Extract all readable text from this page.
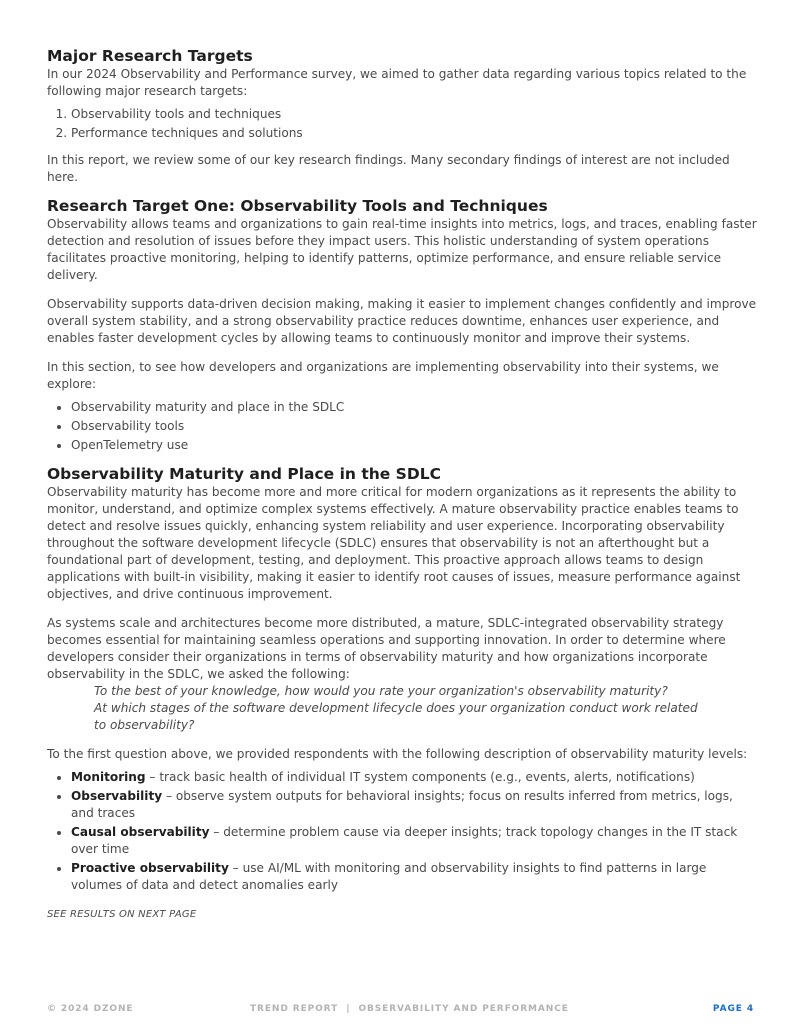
Major Research Targets

In our 2024 Observability and Performance survey, we aimed to gather data regarding various topics related to the following major research targets:

1. Observability tools and techniques
2. Performance techniques and solutions

In this report, we review some of our key research findings. Many secondary findings of interest are not included here.

Research Target One: Observability Tools and Techniques

Observability allows teams and organizations to gain real-time insights into metrics, logs, and traces, enabling faster detection and resolution of issues before they impact users. This holistic understanding of system operations facilitates proactive monitoring, helping to identify patterns, optimize performance, and ensure reliable service delivery.

Observability supports data-driven decision making, making it easier to implement changes confidently and improve overall system stability, and a strong observability practice reduces downtime, enhances user experience, and enables faster development cycles by allowing teams to continuously monitor and improve their systems.

In this section, to see how developers and organizations are implementing observability into their systems, we explore:

• Observability maturity and place in the SDLC
• Observability tools
• OpenTelemetry use
Observability Maturity and Place in the SDLC

Observability maturity has become more and more critical for modern organizations as it represents the ability to monitor, understand, and optimize complex systems effectively. A mature observability practice enables teams to detect and resolve issues quickly, enhancing system reliability and user experience. Incorporating observability throughout the software development lifecycle (SDLC) ensures that observability is not an afterthought but a foundational part of development, testing, and deployment. This proactive approach allows teams to design applications with built-in visibility, making it easier to identify root causes of issues, measure performance against objectives, and drive continuous improvement.

As systems scale and architectures become more distributed, a mature, SDLC-integrated observability strategy becomes essential for maintaining seamless operations and supporting innovation. In order to determine where developers consider their organizations in terms of observability maturity and how organizations incorporate observability in the SDLC, we asked the following:

To the best of your knowledge, how would you rate your organization's observability maturity?

At which stages of the software development lifecycle does your organization conduct work related to observability?

To the first question above, we provided respondents with the following description of observability maturity levels:

• Monitoring – track basic health of individual IT system components (e.g., events, alerts, notifications)
• Observability – observe system outputs for behavioral insights; focus on results inferred from metrics, logs, and traces
• Causal observability – determine problem cause via deeper insights; track topology changes in the IT stack over time
• Proactive observability – use AI/ML with monitoring and observability insights to find patterns in large volumes of data and detect anomalies early

SEE RESULTS ON NEXT PAGE

© 2024 DZONE	TREND REPORT  |  OBSERVABILITY AND PERFORMANCE	PAGE 4
